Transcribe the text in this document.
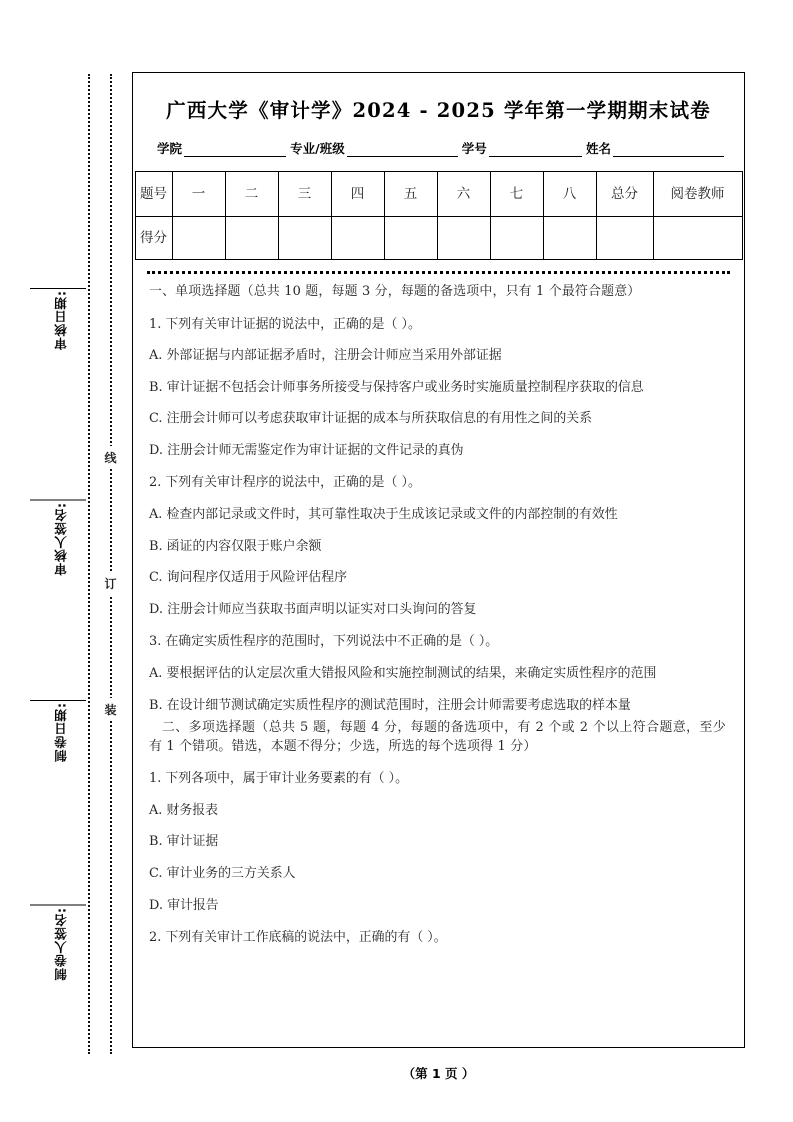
审核日期:
审核人签名:
制卷日期:
制卷人签名:
线
订
装
广西大学《审计学》2024 - 2025 学年第一学期期末试卷
学院	专业/班级	学号	姓名
题号	一	二	三	四	五	六	七	八	总分	阅卷教师
得分										

一、单项选择题（总共 10 题，每题 3 分，每题的备选项中，只有 1 个最符合题意）

1. 下列有关审计证据的说法中，正确的是（ ）。

A. 外部证据与内部证据矛盾时，注册会计师应当采用外部证据

B. 审计证据不包括会计师事务所接受与保持客户或业务时实施质量控制程序获取的信息

C. 注册会计师可以考虑获取审计证据的成本与所获取信息的有用性之间的关系

D. 注册会计师无需鉴定作为审计证据的文件记录的真伪

2. 下列有关审计程序的说法中，正确的是（ ）。

A. 检查内部记录或文件时，其可靠性取决于生成该记录或文件的内部控制的有效性

B. 函证的内容仅限于账户余额

C. 询问程序仅适用于风险评估程序

D. 注册会计师应当获取书面声明以证实对口头询问的答复

3. 在确定实质性程序的范围时，下列说法中不正确的是（ ）。

A. 要根据评估的认定层次重大错报风险和实施控制测试的结果，来确定实质性程序的范围

B. 在设计细节测试确定实质性程序的测试范围时，注册会计师需要考虑选取的样本量

二、多项选择题（总共 5 题，每题 4 分，每题的备选项中，有 2 个或 2 个以上符合题意，至少有 1 个错项。错选，本题不得分；少选，所选的每个选项得 1 分）

1. 下列各项中，属于审计业务要素的有（ ）。

A. 财务报表

B. 审计证据

C. 审计业务的三方关系人

D. 审计报告

2. 下列有关审计工作底稿的说法中，正确的有（ ）。

（第 1 页 ）
